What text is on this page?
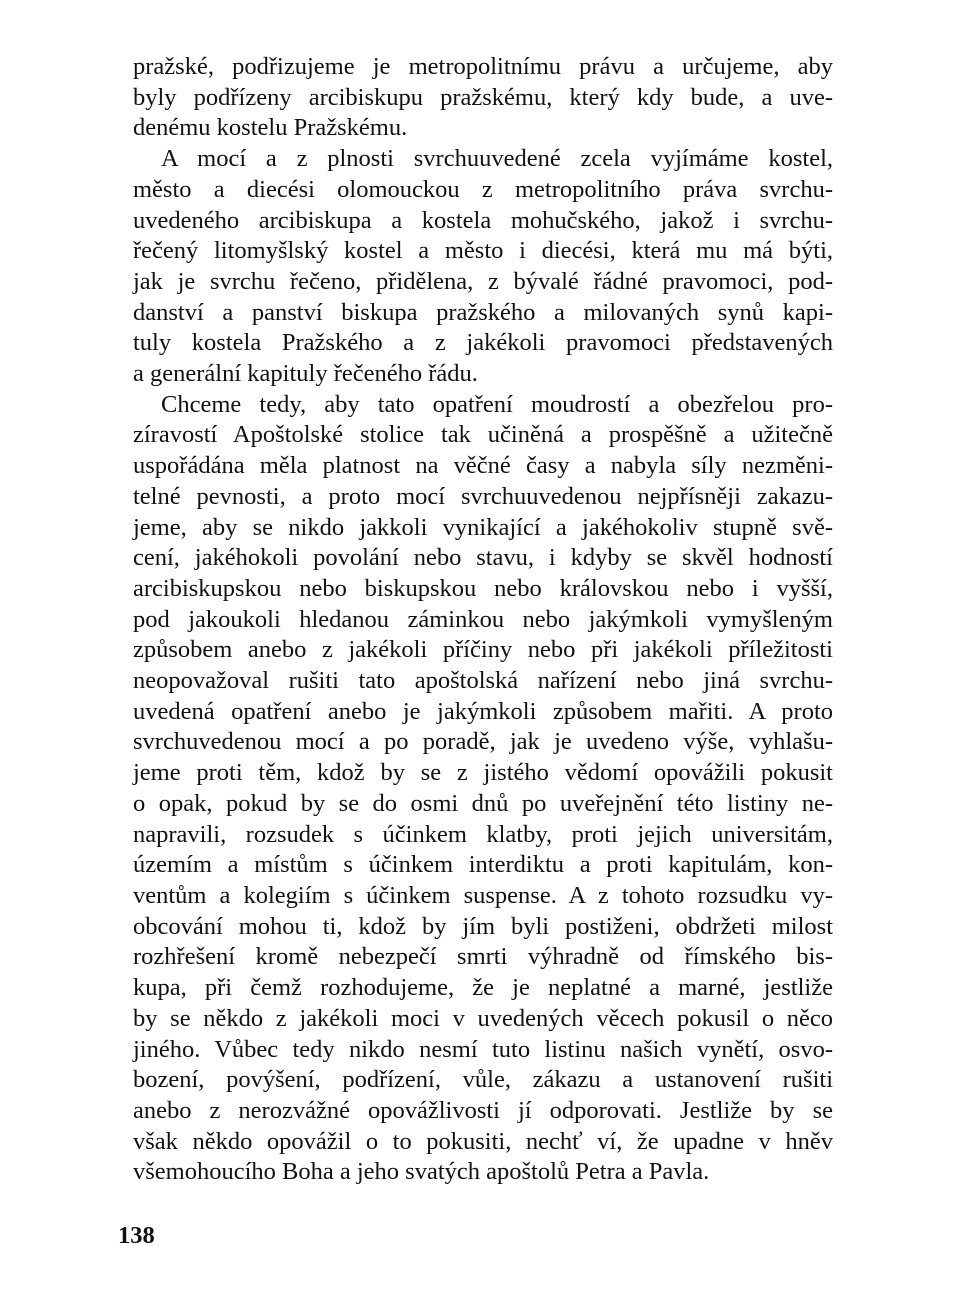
pražské, podřizujeme je metropolitnímu právu a určujeme, aby
byly podřízeny arcibiskupu pražskému, který kdy bude, a uve-
denému kostelu Pražskému.
A mocí a z plnosti svrchuuvedené zcela vyjímáme kostel,
město a diecési olomouckou z metropolitního práva svrchu-
uvedeného arcibiskupa a kostela mohučského, jakož i svrchu-
řečený litomyšlský kostel a město i diecési, která mu má býti,
jak je svrchu řečeno, přidělena, z bývalé řádné pravomoci, pod-
danství a panství biskupa pražského a milovaných synů kapi-
tuly kostela Pražského a z jakékoli pravomoci představených
a generální kapituly řečeného řádu.
Chceme tedy, aby tato opatření moudrostí a obezřelou pro-
zíravostí Apoštolské stolice tak učiněná a prospěšně a užitečně
uspořádána měla platnost na věčné časy a nabyla síly nezměni-
telné pevnosti, a proto mocí svrchuuvedenou nejpřísněji zakazu-
jeme, aby se nikdo jakkoli vynikající a jakéhokoliv stupně svě-
cení, jakéhokoli povolání nebo stavu, i kdyby se skvěl hodností
arcibiskupskou nebo biskupskou nebo královskou nebo i vyšší,
pod jakoukoli hledanou záminkou nebo jakýmkoli vymyšleným
způsobem anebo z jakékoli příčiny nebo při jakékoli příležitosti
neopovažoval rušiti tato apoštolská nařízení nebo jiná svrchu-
uvedená opatření anebo je jakýmkoli způsobem mařiti. A proto
svrchuvedenou mocí a po poradě, jak je uvedeno výše, vyhlašu-
jeme proti těm, kdož by se z jistého vědomí opovážili pokusit
o opak, pokud by se do osmi dnů po uveřejnění této listiny ne-
napravili, rozsudek s účinkem klatby, proti jejich universitám,
územím a místům s účinkem interdiktu a proti kapitulám, kon-
ventům a kolegiím s účinkem suspense. A z tohoto rozsudku vy-
obcování mohou ti, kdož by jím byli postiženi, obdržeti milost
rozhřešení kromě nebezpečí smrti výhradně od římského bis-
kupa, při čemž rozhodujeme, že je neplatné a marné, jestliže
by se někdo z jakékoli moci v uvedených věcech pokusil o něco
jiného. Vůbec tedy nikdo nesmí tuto listinu našich vynětí, osvo-
bození, povýšení, podřízení, vůle, zákazu a ustanovení rušiti
anebo z nerozvážné opovážlivosti jí odporovati. Jestliže by se
však někdo opovážil o to pokusiti, nechť ví, že upadne v hněv
všemohoucího Boha a jeho svatých apoštolů Petra a Pavla.
138
